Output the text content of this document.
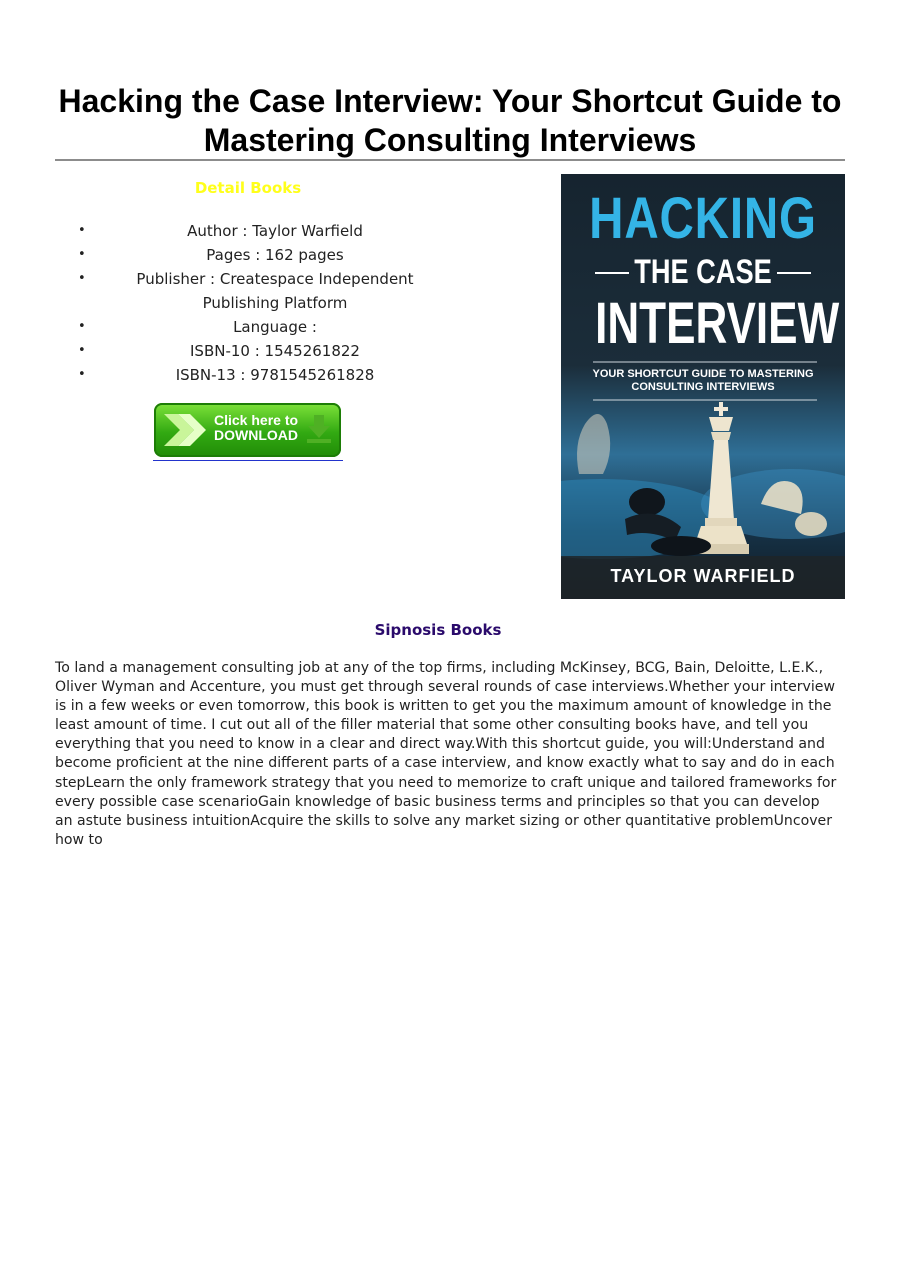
Hacking the Case Interview: Your Shortcut Guide to Mastering Consulting Interviews
Detail Books
•	Author : Taylor Warfield
•	Pages : 162 pages
•	Publisher : Createspace Independent Publishing Platform
•	Language :
•	ISBN-10 : 1545261822
•	ISBN-13 : 9781545261828
Click here to
DOWNLOAD
HACKING
THE CASE
INTERVIEW
YOUR SHORTCUT GUIDE TO MASTERING CONSULTING INTERVIEWS
TAYLOR WARFIELD
Sipnosis Books

To land a management consulting job at any of the top firms, including McKinsey, BCG, Bain, Deloitte, L.E.K., Oliver Wyman and Accenture, you must get through several rounds of case interviews.Whether your interview is in a few weeks or even tomorrow, this book is written to get you the maximum amount of knowledge in the least amount of time. I cut out all of the filler material that some other consulting books have, and tell you everything that you need to know in a clear and direct way.With this shortcut guide, you will:Understand and become proficient at the nine different parts of a case interview, and know exactly what to say and do in each stepLearn the only framework strategy that you need to memorize to craft unique and tailored frameworks for every possible case scenarioGain knowledge of basic business terms and principles so that you can develop an astute business intuitionAcquire the skills to solve any market sizing or other quantitative problemUncover how to
